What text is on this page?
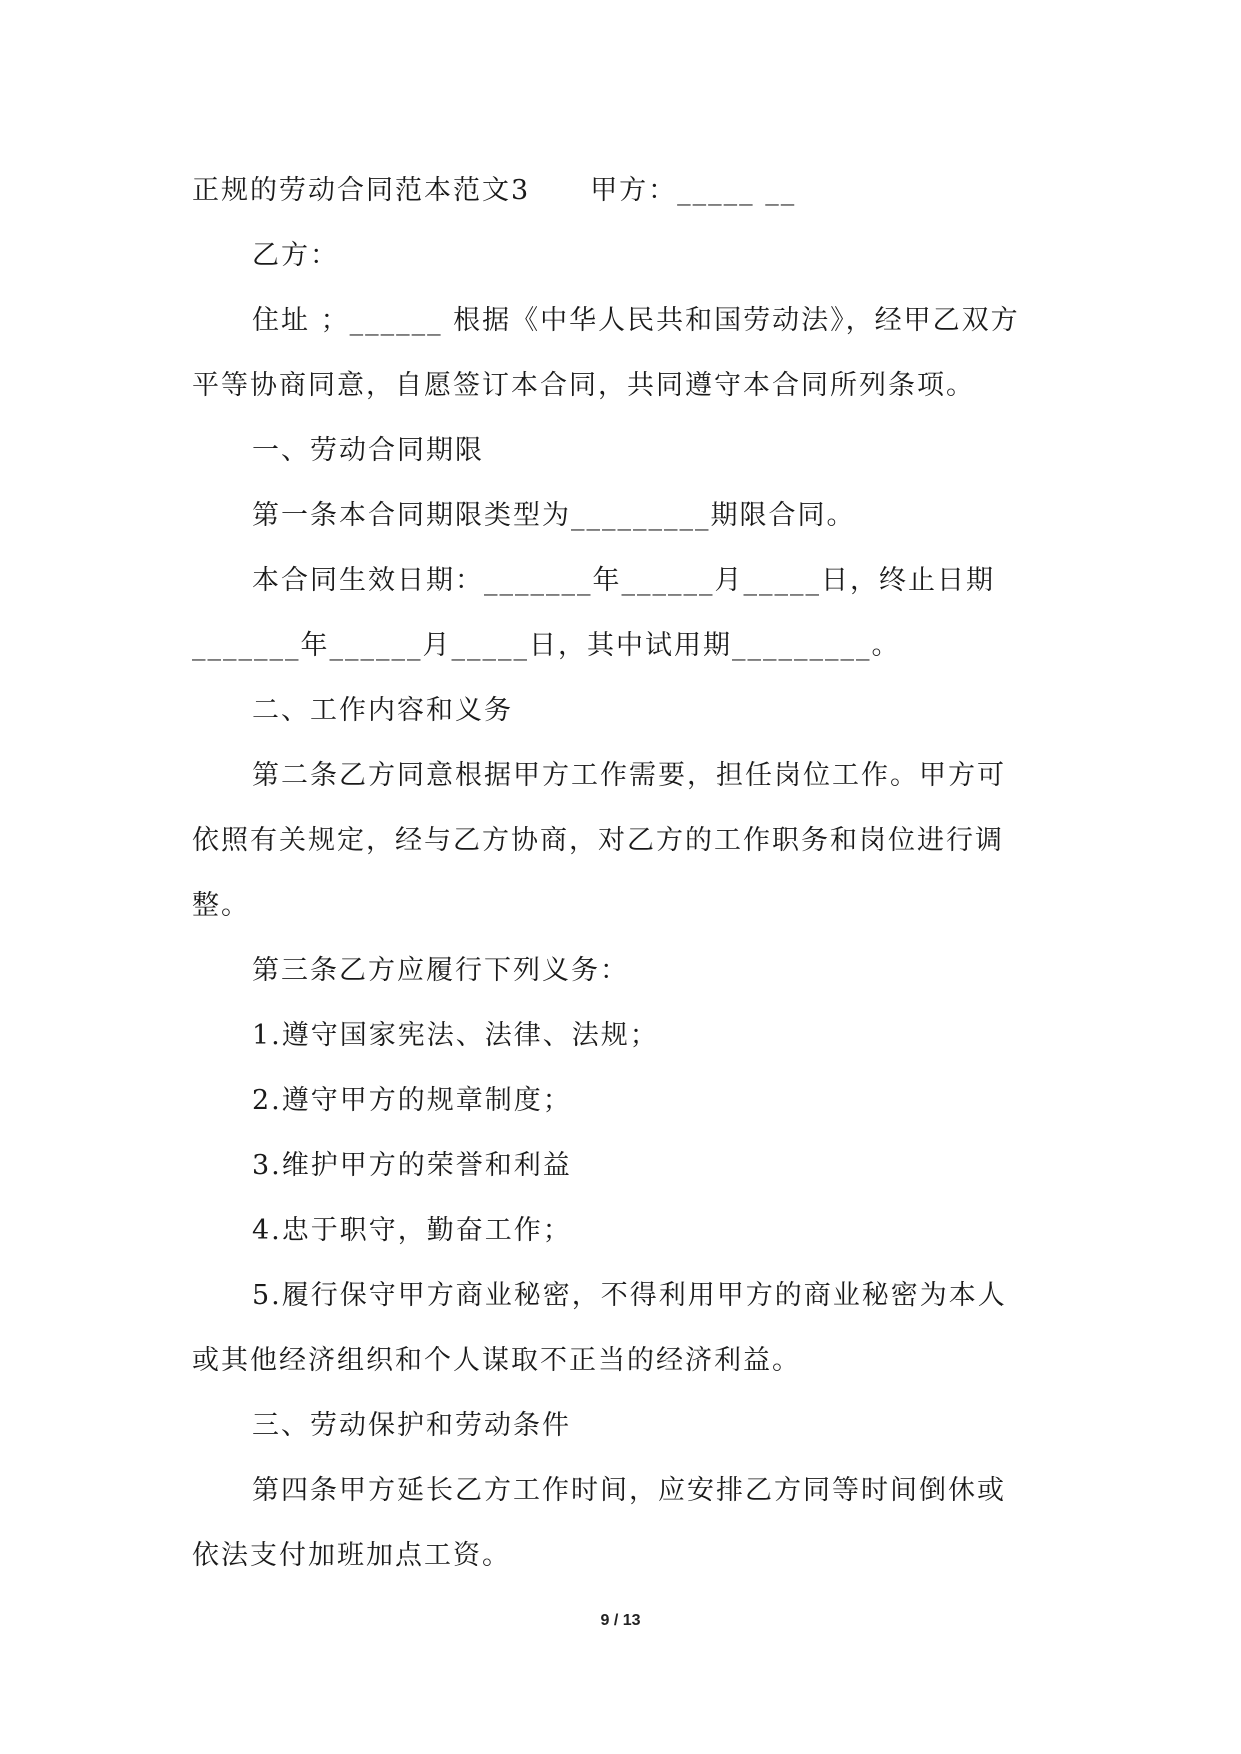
正规的劳动合同范本范文3 甲方：_____ __
乙方：
住址 ；______ 根据《中华人民共和国劳动法》，经甲乙双方
平等协商同意，自愿签订本合同，共同遵守本合同所列条项。
一、劳动合同期限
第一条本合同期限类型为_________期限合同。
本合同生效日期：_______年______月_____日，终止日期
_______年______月_____日，其中试用期_________。
二、工作内容和义务
第二条乙方同意根据甲方工作需要，担任岗位工作。甲方可
依照有关规定，经与乙方协商，对乙方的工作职务和岗位进行调
整。
第三条乙方应履行下列义务：
1.遵守国家宪法、法律、法规；
2.遵守甲方的规章制度；
3.维护甲方的荣誉和利益
4.忠于职守，勤奋工作；
5.履行保守甲方商业秘密，不得利用甲方的商业秘密为本人
或其他经济组织和个人谋取不正当的经济利益。
三、劳动保护和劳动条件
第四条甲方延长乙方工作时间，应安排乙方同等时间倒休或
依法支付加班加点工资。
9 / 13
